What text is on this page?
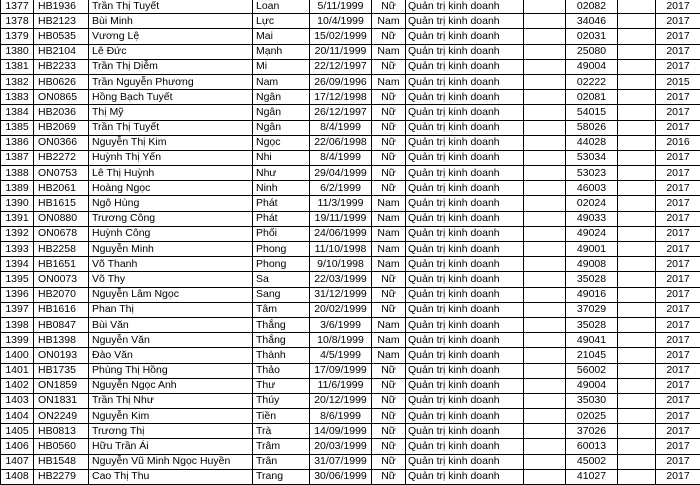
1377	HB1936	Trần Thị Tuyết	Loan	5/11/1999	Nữ	Quản trị kinh doanh		02082		2017
1378	HB2123	Bùi Minh	Lực	10/4/1999	Nam	Quản trị kinh doanh		34046		2017
1379	HB0535	Vương Lệ	Mai	15/02/1999	Nữ	Quản trị kinh doanh		02031		2017
1380	HB2104	Lê Đức	Mạnh	20/11/1999	Nam	Quản trị kinh doanh		25080		2017
1381	HB2233	Trần Thị Diễm	Mi	22/12/1997	Nữ	Quản trị kinh doanh		49004		2017
1382	HB0626	Trần Nguyễn Phương	Nam	26/09/1996	Nam	Quản trị kinh doanh		02222		2015
1383	ON0865	Hồng Bạch Tuyết	Ngân	17/12/1998	Nữ	Quản trị kinh doanh		02081		2017
1384	HB2036	Thị Mỹ	Ngân	26/12/1997	Nữ	Quản trị kinh doanh		54015		2017
1385	HB2069	Trần Thị Tuyết	Ngân	8/4/1999	Nữ	Quản trị kinh doanh		58026		2017
1386	ON0366	Nguyễn Thị Kim	Ngọc	22/06/1998	Nữ	Quản trị kinh doanh		44028		2016
1387	HB2272	Huỳnh Thị Yến	Nhi	8/4/1999	Nữ	Quản trị kinh doanh		53034		2017
1388	ON0753	Lê Thị Huỳnh	Như	29/04/1999	Nữ	Quản trị kinh doanh		53023		2017
1389	HB2061	Hoàng Ngọc	Ninh	6/2/1999	Nữ	Quản trị kinh doanh		46003		2017
1390	HB1615	Ngô Hùng	Phát	11/3/1999	Nam	Quản trị kinh doanh		02024		2017
1391	ON0880	Trương Công	Phát	19/11/1999	Nam	Quản trị kinh doanh		49033		2017
1392	ON0678	Huỳnh Công	Phối	24/06/1999	Nam	Quản trị kinh doanh		49024		2017
1393	HB2258	Nguyễn Minh	Phong	11/10/1998	Nam	Quản trị kinh doanh		49001		2017
1394	HB1651	Võ Thanh	Phong	9/10/1998	Nam	Quản trị kinh doanh		49008		2017
1395	ON0073	Võ Thy	Sa	22/03/1999	Nữ	Quản trị kinh doanh		35028		2017
1396	HB2070	Nguyễn Lâm Ngọc	Sang	31/12/1999	Nữ	Quản trị kinh doanh		49016		2017
1397	HB1616	Phan Thị	Tâm	20/02/1999	Nữ	Quản trị kinh doanh		37029		2017
1398	HB0847	Bùi Văn	Thắng	3/6/1999	Nam	Quản trị kinh doanh		35028		2017
1399	HB1398	Nguyễn Văn	Thắng	10/8/1999	Nam	Quản trị kinh doanh		49041		2017
1400	ON0193	Đào Văn	Thành	4/5/1999	Nam	Quản trị kinh doanh		21045		2017
1401	HB1735	Phùng Thị Hồng	Thảo	17/09/1999	Nữ	Quản trị kinh doanh		56002		2017
1402	ON1859	Nguyễn Ngọc Anh	Thư	11/6/1999	Nữ	Quản trị kinh doanh		49004		2017
1403	ON1831	Trần Thị Như	Thúy	20/12/1999	Nữ	Quản trị kinh doanh		35030		2017
1404	ON2249	Nguyễn Kim	Tiền	8/6/1999	Nữ	Quản trị kinh doanh		02025		2017
1405	HB0813	Trương Thị	Trà	14/09/1999	Nữ	Quản trị kinh doanh		37026		2017
1406	HB0560	Hữu Trần Ái	Trâm	20/03/1999	Nữ	Quản trị kinh doanh		60013		2017
1407	HB1548	Nguyễn Vũ Minh Ngọc Huyền	Trân	31/07/1999	Nữ	Quản trị kinh doanh		45002		2017
1408	HB2279	Cao Thị Thu	Trang	30/06/1999	Nữ	Quản trị kinh doanh		41027		2017
